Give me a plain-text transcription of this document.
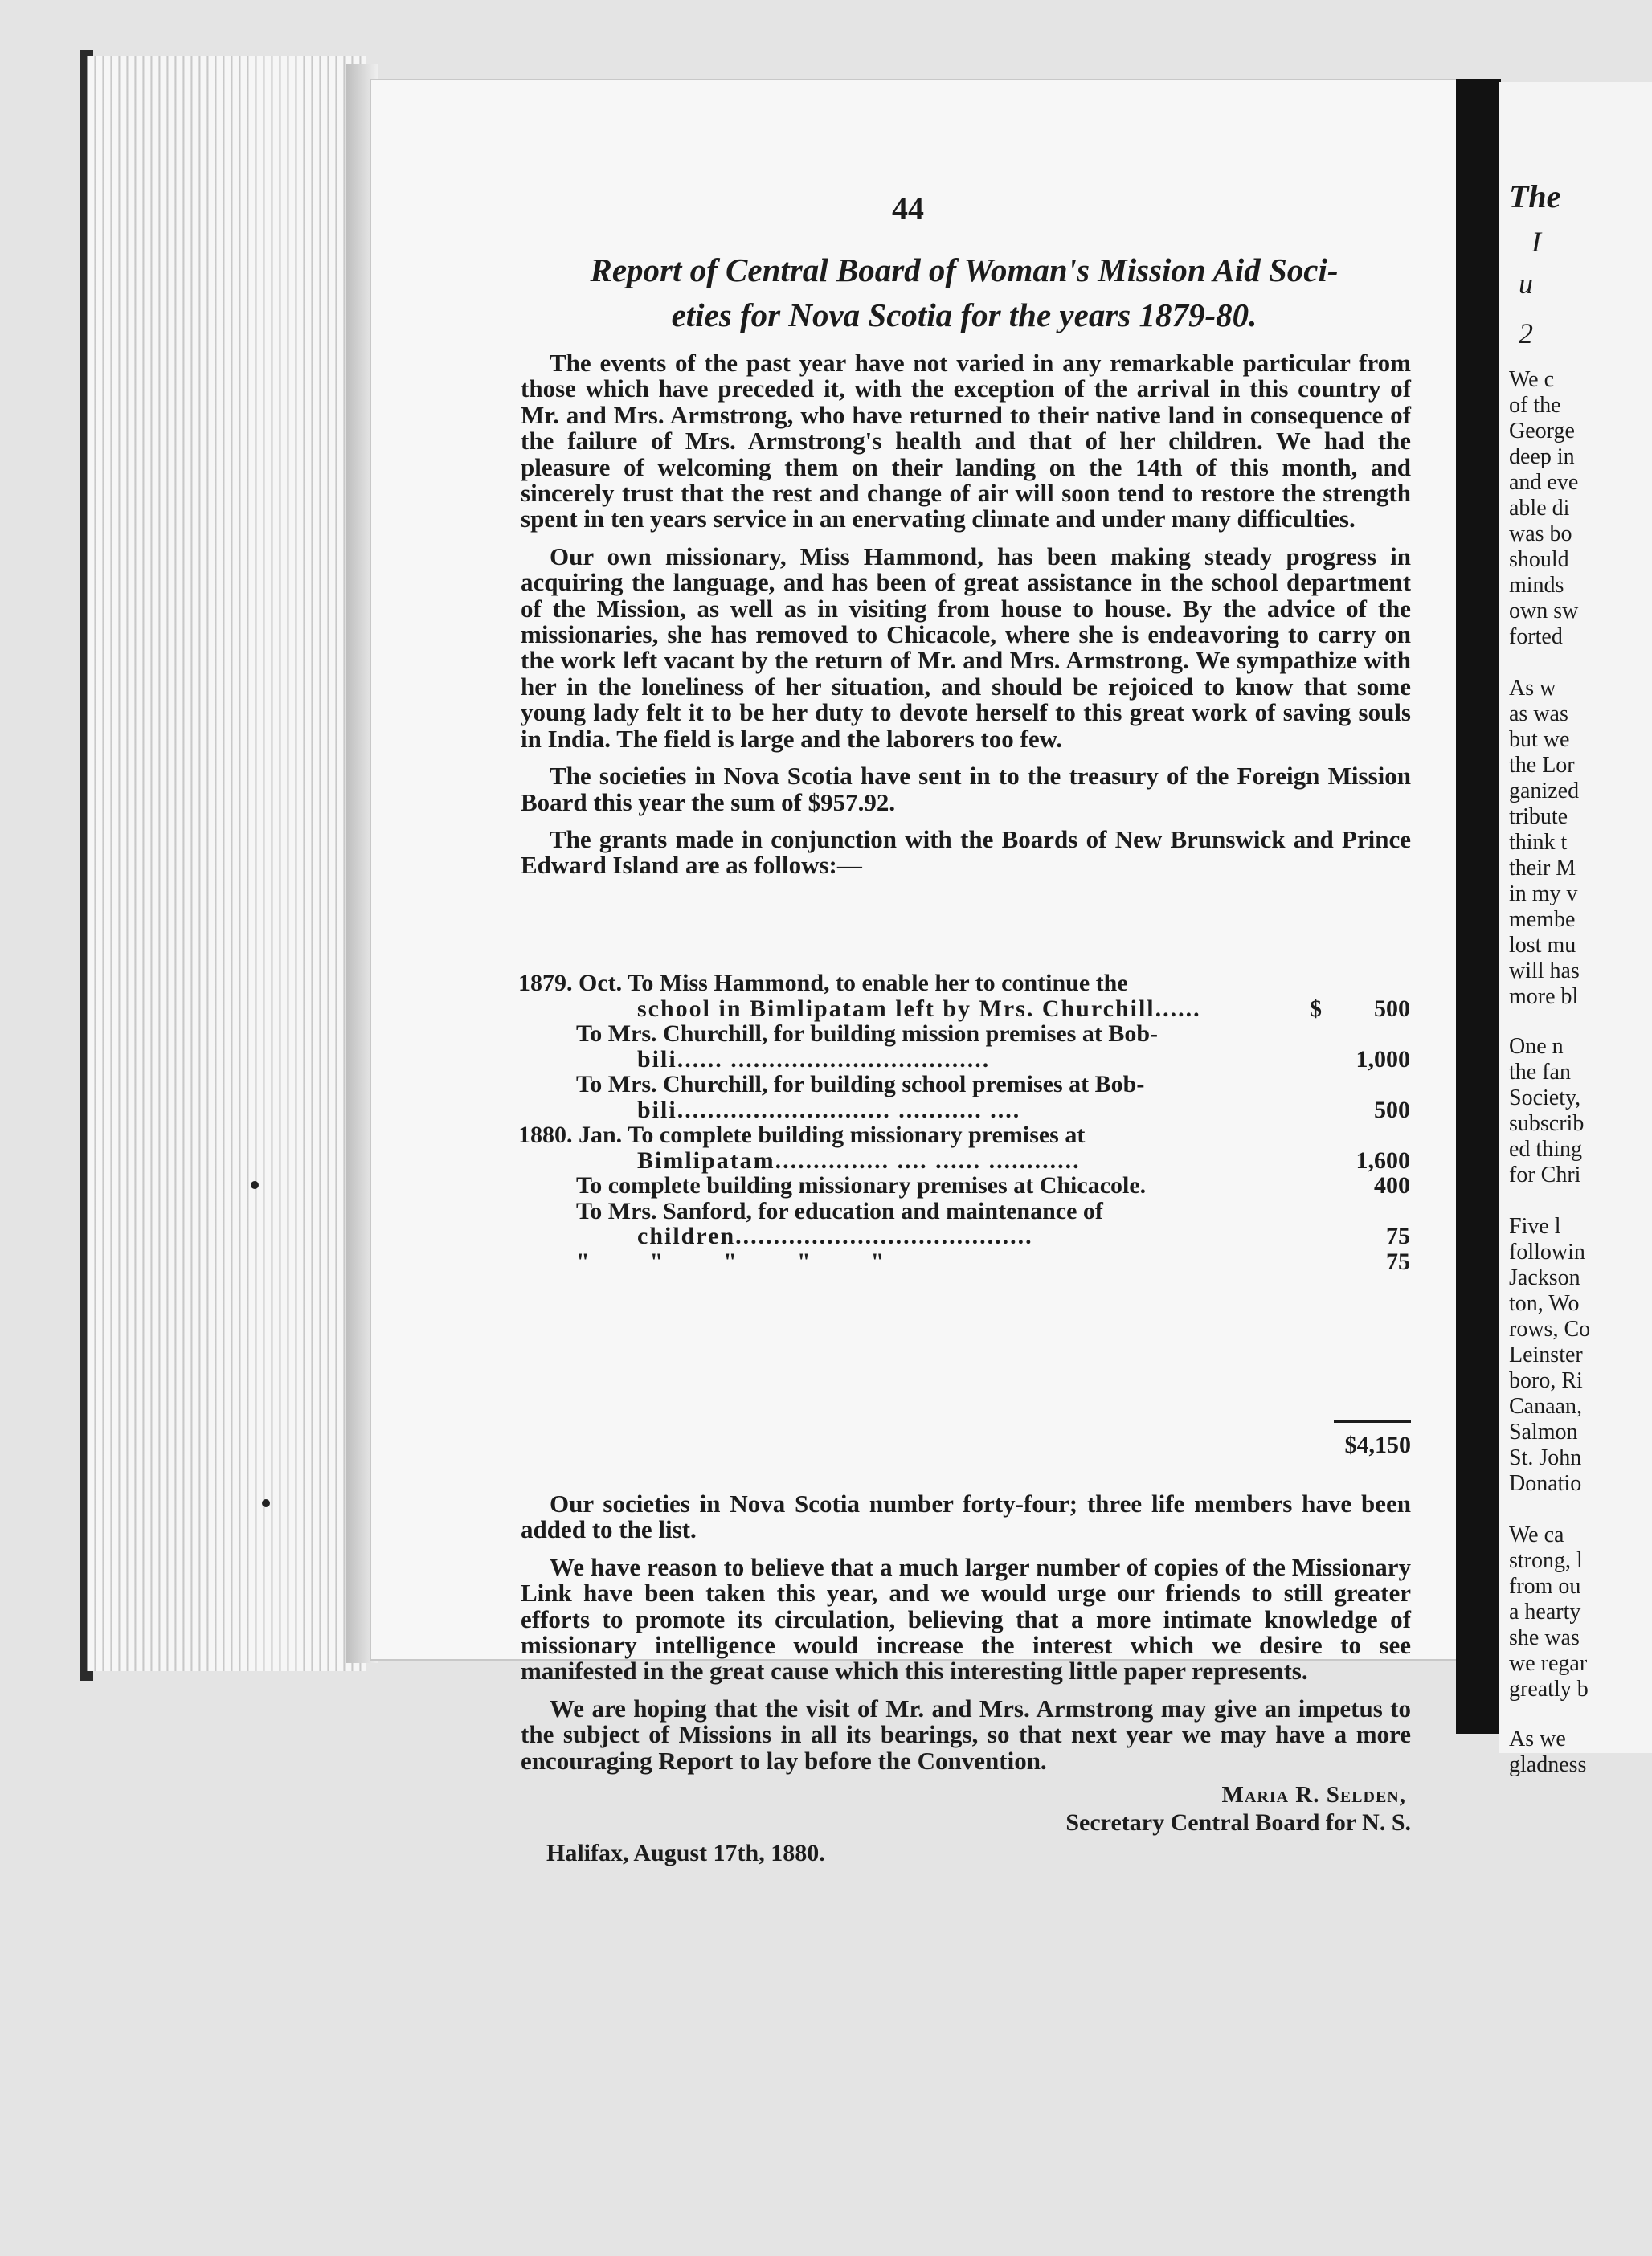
The
I
u
2
We c
of the
George
deep in
and eve
able di
was bo
should
minds
own sw
forted
As w
as was
but we
the Lor
ganized
tribute
think t
their M
in my v
membe
lost mu
will has
more bl
One n
the fan
Society,
subscrib
ed thing
for Chri
Five l
followin
Jackson
ton, Wo
rows, Co
Leinster
boro, Ri
Canaan,
Salmon
St. John
Donatio
We ca
strong, l
from ou
a hearty
she was
we regar
greatly b
As we
gladness
44
Report of Central Board of Woman's Mission Aid Soci-
eties for Nova Scotia for the years 1879-80.

The events of the past year have not varied in any remarkable particular from those which have preceded it, with the exception of the arrival in this country of Mr. and Mrs. Armstrong, who have returned to their native land in consequence of the failure of Mrs. Armstrong's health and that of her children. We had the pleasure of welcoming them on their landing on the 14th of this month, and sincerely trust that the rest and change of air will soon tend to restore the strength spent in ten years service in an enervating climate and under many difficulties.

Our own missionary, Miss Hammond, has been making steady progress in acquiring the language, and has been of great assistance in the school department of the Mission, as well as in visiting from house to house. By the advice of the missionaries, she has removed to Chicacole, where she is endeavoring to carry on the work left vacant by the return of Mr. and Mrs. Armstrong. We sympathize with her in the loneliness of her situation, and should be rejoiced to know that some young lady felt it to be her duty to devote herself to this great work of saving souls in India. The field is large and the laborers too few.

The societies in Nova Scotia have sent in to the treasury of the Foreign Mission Board this year the sum of $957.92.

The grants made in conjunction with the Boards of New Brunswick and Prince Edward Island are as follows:—

1879. Oct. To Miss Hammond, to enable her to continue the
school in Bimlipatam left by Mrs. Churchill......	$	500
To Mrs. Churchill, for building mission premises at Bob-
bili...... ..................................	1,000
To Mrs. Churchill, for building school premises at Bob-
bili............................ ........... ....	500
1880. Jan. To complete building missionary premises at
Bimlipatam............... .... ...... ............	1,600
To complete building missionary premises at Chicacole.	400
To Mrs. Sanford, for education and maintenance of
children.......................................	75
"          "          "          "          "	75
$4,150

Our societies in Nova Scotia number forty-four; three life members have been added to the list.

We have reason to believe that a much larger number of copies of the Missionary Link have been taken this year, and we would urge our friends to still greater efforts to promote its circulation, believing that a more intimate knowledge of missionary intelligence would increase the interest which we desire to see manifested in the great cause which this interesting little paper represents.

We are hoping that the visit of Mr. and Mrs. Armstrong may give an impetus to the subject of Missions in all its bearings, so that next year we may have a more encouraging Report to lay before the Convention.

Maria R. Selden,
Secretary Central Board for N. S.
Halifax, August 17th, 1880.
